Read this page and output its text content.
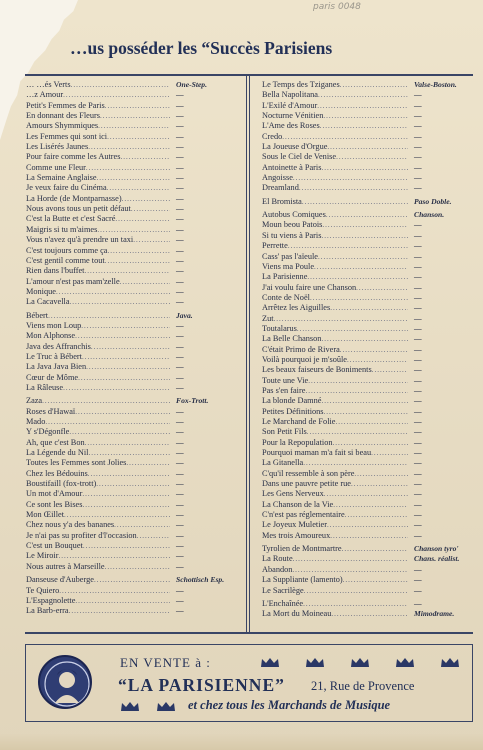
paris 0048
…us posséder les “Succès Parisiens
… …és Verts .....	One-Step.
…z Amour .....	—
Petit's Femmes de Paris .....	—
En donnant des Fleurs .....	—
Amours Shymmiques .....	—
Les Femmes qui sont ici .....	—
Les Lisérés Jaunes .....	—
Pour faire comme les Autres .....	—
Comme une Fleur .....	—
La Semaine Anglaise .....	—
Je veux faire du Cinéma .....	—
La Horde (de Montparnasse) .....	—
Nous avons tous un petit défaut .....	—
C'est la Butte et c'est Sacré .....	—
Maigris si tu m'aimes .....	—
Vous n'avez qu'à prendre un taxi .....	—
C'est toujours comme ça .....	—
C'est gentil comme tout .....	—
Rien dans l'buffet .....	—
L'amour n'est pas mam'zelle .....	—
Monique .....	—
La Cacavella .....	—
Bébert .....	Java.
Viens mon Loup .....	—
Mon Alphonse .....	—
Java des Affranchis .....	—
Le Truc à Bébert .....	—
La Java Java Bien .....	—
Cœur de Môme .....	—
La Râleuse .....	—
Zaza .....	Fox-Trott.
Roses d'Hawaï .....	—
Mado .....	—
Y s'Dégonfle .....	—
Ah, que c'est Bon .....	—
La Légende du Nil .....	—
Toutes les Femmes sont Jolies .....	—
Chez les Bédouins .....	—
Boustifaill (fox-trott) .....	—
Un mot d'Amour .....	—
Ce sont les Bises .....	—
Mon Œillet .....	—
Chez nous y'a des bananes .....	—
Je n'ai pas su profiter d'l'occasion .....	—
C'est un Bouquet .....	—
Le Miroir .....	—
Nous autres à Marseille .....	—
Danseuse d'Auberge .....	Schottisch Esp.
Te Quiero .....	—
L'Espagnolette .....	—
La Barb-erra .....	—
Le Temps des Tziganes .....	Valse-Boston.
Bella Napolitana .....	—
L'Exilé d'Amour .....	—
Nocturne Vénitien .....	—
L'Ame des Roses .....	—
Credo .....	—
La Joueuse d'Orgue .....	—
Sous le Ciel de Venise .....	—
Antoinette à Paris .....	—
Angoisse .....	—
Dreamland .....	—
El Bromista .....	Paso Doble.
Autobus Comiques .....	Chanson.
Moun beou Patois .....	—
Si tu viens à Paris .....	—
Perrette .....	—
Cass' pas l'aïeule .....	—
Viens ma Poule .....	—
La Parisienne .....	—
J'ai voulu faire une Chanson .....	—
Conte de Noël .....	—
Arrêtez les Aiguilles .....	—
Zut .....	—
Toutalarus .....	—
La Belle Chanson .....	—
C'était Primo de Rivera .....	—
Voilà pourquoi je m'soûle .....	—
Les beaux faiseurs de Boniments .....	—
Toute une Vie .....	—
Pas s'en faire .....	—
La blonde Damné .....	—
Petites Définitions .....	—
Le Marchand de Folie .....	—
Son Petit Fils .....	—
Pour la Repopulation .....	—
Pourquoi maman m'a fait si beau .....	—
La Gitanella .....	—
C'qu'il ressemble à son père .....	—
Dans une pauvre petite rue .....	—
Les Gens Nerveux .....	—
La Chanson de la Vie .....	—
C'n'est pas réglementaire .....	—
Le Joyeux Muletier .....	—
Mes trois Amoureux .....	—
Tyrolien de Montmartre .....	Chanson tyro'
La Route .....	Chans. réalist.
Abandon .....	—
La Suppliante (lamento) .....	—
Le Sacrilège .....	—
L'Enchaînée .....	—
La Mort du Moineau .....	Mimodrame.
EN VENTE à :
“LA PARISIENNE” 21, Rue de Provence
et chez tous les Marchands de Musique
